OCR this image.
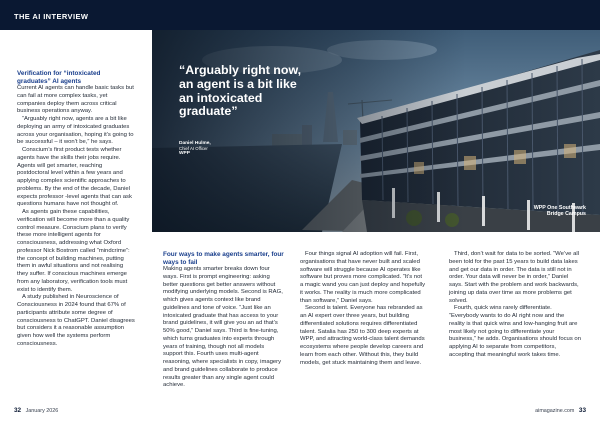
THE AI INTERVIEW

Verification for “intoxicated graduates” AI agents

Current AI agents can handle basic tasks but can fail at more complex tasks, yet companies deploy them across critical business operations anyway.

“Arguably right now, agents are a bit like deploying an army of intoxicated graduates across your organisation, hoping it’s going to be successful – it won’t be,” he says.

Conscium’s first product tests whether agents have the skills their jobs require. Agents will get smarter, reaching postdoctoral level within a few years and applying complex scientific approaches to problems. By the end of the decade, Daniel expects professor -level agents that can ask questions humans have not thought of.

As agents gain these capabilities, verification will become more than a quality control measure. Conscium plans to verify these more intelligent agents for consciousness, addressing what Oxford professor Nick Bostrom called “mindcrime”: the concept of building machines, putting them in awful situations and not realising they suffer. If conscious machines emerge from any laboratory, verification tools must exist to identify them.

A study published in Neuroscience of Consciousness in 2024 found that 67% of participants attribute some degree of consciousness to ChatGPT. Daniel disagrees but considers it a reasonable assumption given how well the systems perform consciousness.

“Arguably right now, an agent is a bit like an intoxicated graduate”

Daniel Hulme,
Chief AI Officer
WPP
WPP One Southwark
Bridge Campus

Four ways to make agents smarter, four ways to fail

Making agents smarter breaks down four ways. First is prompt engineering: asking better questions get better answers without modifying underlying models. Second is RAG, which gives agents context like brand guidelines and tone of voice. “Just like an intoxicated graduate that has access to your brand guidelines, it will give you an ad that’s 50% good,” Daniel says. Third is fine-tuning, which turns graduates into experts through years of training, though not all models support this. Fourth uses multi-agent reasoning, where specialists in copy, imagery and brand guidelines collaborate to produce results greater than any single agent could achieve.

Four things signal AI adoption will fail. First, organisations that have never built and scaled software will struggle because AI operates like software but proves more complicated. “It’s not a magic wand you can just deploy and hopefully it works. The reality is much more complicated than software,” Daniel says.

Second is talent. Everyone has rebranded as an AI expert over three years, but building differentiated solutions requires differentiated talent. Satalia has 250 to 300 deep experts at WPP, and attracting world-class talent demands ecosystems where people develop careers and learn from each other. Without this, they build models, get stuck maintaining them and leave.

Third, don’t wait for data to be sorted. “We’ve all been told for the past 15 years to build data lakes and get our data in order. The data is still not in order. Your data will never be in order,” Daniel says. Start with the problem and work backwards, joining up data over time as more problems get solved.

Fourth, quick wins rarely differentiate. “Everybody wants to do AI right now and the reality is that quick wins and low-hanging fruit are most likely not going to differentiate your business,” he adds. Organisations should focus on applying AI to separate from competitors, accepting that meaningful work takes time.

32 January 2026	aimagazine.com 33
